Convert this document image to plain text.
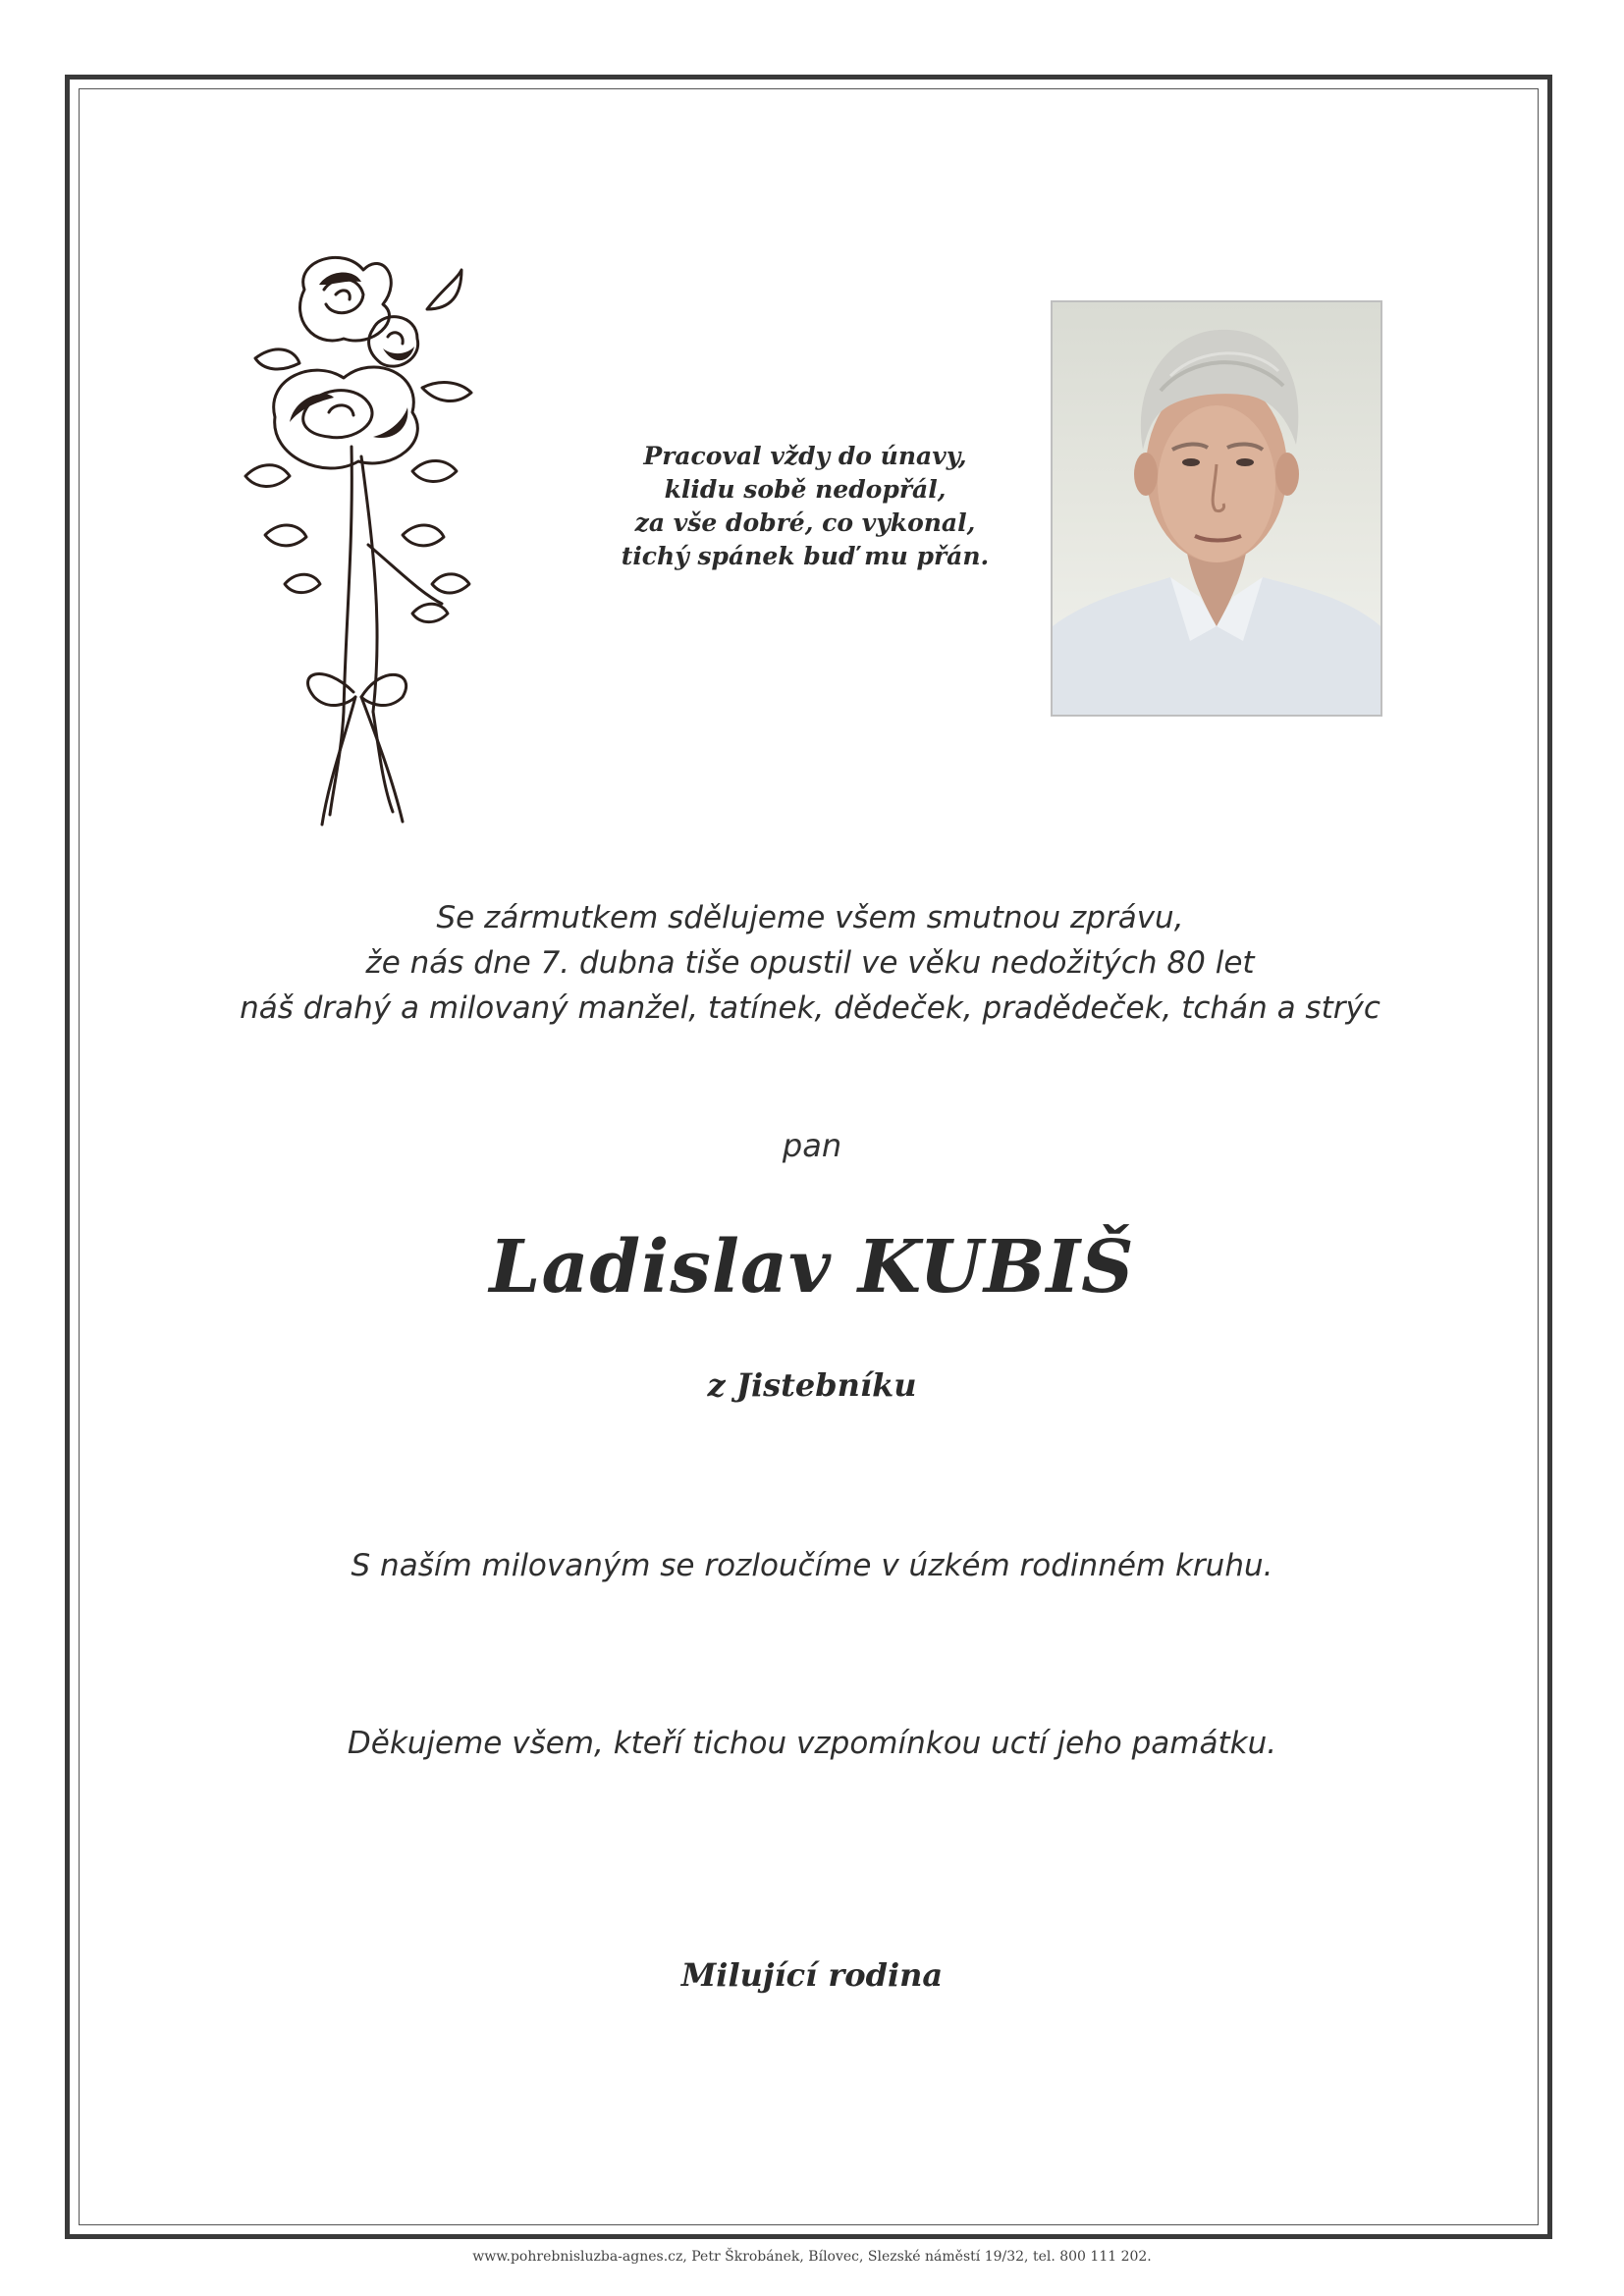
Pracoval vždy do únavy,
klidu sobě nedopřál,
za vše dobré, co vykonal,
tichý spánek buď mu přán.
Se zármutkem sdělujeme všem smutnou zprávu,
že nás dne 7. dubna tiše opustil ve věku nedožitých 80 let
náš drahý a milovaný manžel, tatínek, dědeček, pradědeček, tchán a strýc
pan
Ladislav KUBIŠ
z Jistebníku
S naším milovaným se rozloučíme v úzkém rodinném kruhu.
Děkujeme všem, kteří tichou vzpomínkou uctí jeho památku.
Milující rodina
www.pohrebnisluzba-agnes.cz, Petr Škrobánek, Bílovec, Slezské náměstí 19/32, tel. 800 111 202.
